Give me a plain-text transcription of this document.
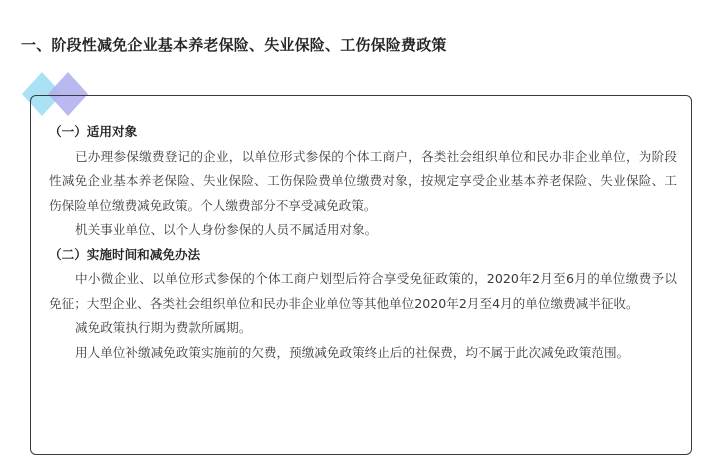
一、阶段性减免企业基本养老保险、失业保险、工伤保险费政策

（一）适用对象

已办理参保缴费登记的企业，以单位形式参保的个体工商户，各类社会组织单位和民办非企业单位，为阶段性减免企业基本养老保险、失业保险、工伤保险费单位缴费对象，按规定享受企业基本养老保险、失业保险、工伤保险单位缴费减免政策。个人缴费部分不享受减免政策。

机关事业单位、以个人身份参保的人员不属适用对象。

（二）实施时间和减免办法

中小微企业、以单位形式参保的个体工商户划型后符合享受免征政策的，2020年2月至6月的单位缴费予以免征；大型企业、各类社会组织单位和民办非企业单位等其他单位2020年2月至4月的单位缴费减半征收。

减免政策执行期为费款所属期。

用人单位补缴减免政策实施前的欠费，预缴减免政策终止后的社保费，均不属于此次减免政策范围。
